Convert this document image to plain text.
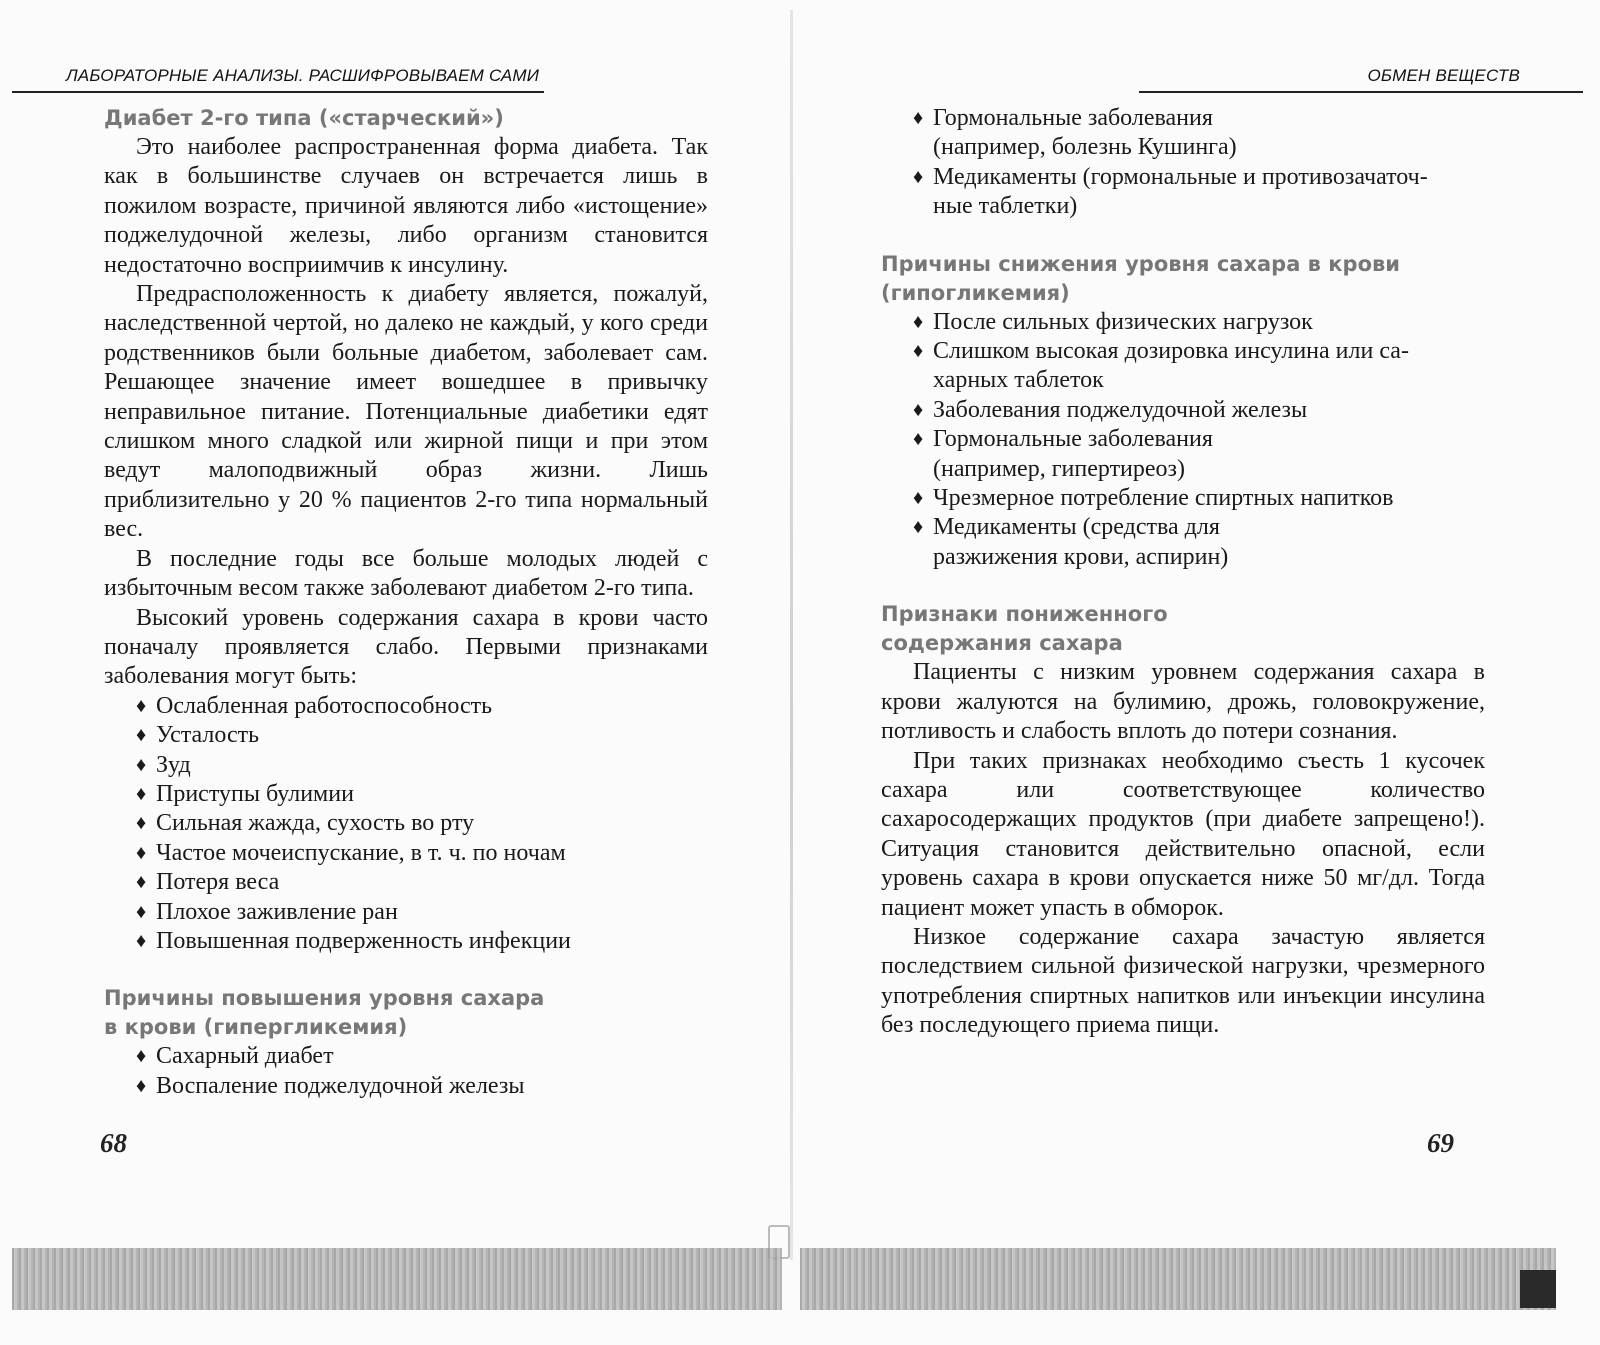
ЛАБОРАТОРНЫЕ АНАЛИЗЫ. РАСШИФРОВЫВАЕМ САМИ
Диабет 2-го типа («старческий»)

Это наиболее распространенная форма диабета. Так как в большинстве случаев он встречается лишь в пожилом возрасте, причиной являются либо «истощение» поджелудочной железы, либо организм становится недостаточно восприимчив к инсулину.

Предрасположенность к диабету является, пожалуй, наследственной чертой, но далеко не каждый, у кого среди родственников были больные диабетом, заболевает сам. Решающее значение имеет вошедшее в привычку неправильное питание. Потенциальные диабетики едят слишком много сладкой или жирной пищи и при этом ведут малоподвижный образ жизни. Лишь приблизительно у 20 % пациентов 2-го типа нормальный вес.

В последние годы все больше молодых людей с избыточным весом также заболевают диабетом 2-го типа.

Высокий уровень содержания сахара в крови часто поначалу проявляется слабо. Первыми признаками заболевания могут быть:

♦ Ослабленная работоспособность
♦ Усталость
♦ Зуд
♦ Приступы булимии
♦ Сильная жажда, сухость во рту
♦ Частое мочеиспускание, в т. ч. по ночам
♦ Потеря веса
♦ Плохое заживление ран
♦ Повышенная подверженность инфекции
Причины повышения уровня сахара
в крови (гипергликемия)
♦ Сахарный диабет
♦ Воспаление поджелудочной железы
68
ОБМЕН ВЕЩЕСТВ
♦ Гормональные заболевания
(например, болезнь Кушинга)
♦ Медикаменты (гормональные и противозачаточ-
ные таблетки)
Причины снижения уровня сахара в крови
(гипогликемия)
♦ После сильных физических нагрузок
♦ Слишком высокая дозировка инсулина или са-
харных таблеток
♦ Заболевания поджелудочной железы
♦ Гормональные заболевания
(например, гипертиреоз)
♦ Чрезмерное потребление спиртных напитков
♦ Медикаменты (средства для
разжижения крови, аспирин)
Признаки пониженного
содержания сахара

Пациенты с низким уровнем содержания сахара в крови жалуются на булимию, дрожь, головокружение, потливость и слабость вплоть до потери сознания.

При таких признаках необходимо съесть 1 кусочек сахара или соответствующее количество сахаросодержащих продуктов (при диабете запрещено!). Ситуация становится действительно опасной, если уровень сахара в крови опускается ниже 50 мг/дл. Тогда пациент может упасть в обморок.

Низкое содержание сахара зачастую является последствием сильной физической нагрузки, чрезмерного употребления спиртных напитков или инъекции инсулина без последующего приема пищи.

69
